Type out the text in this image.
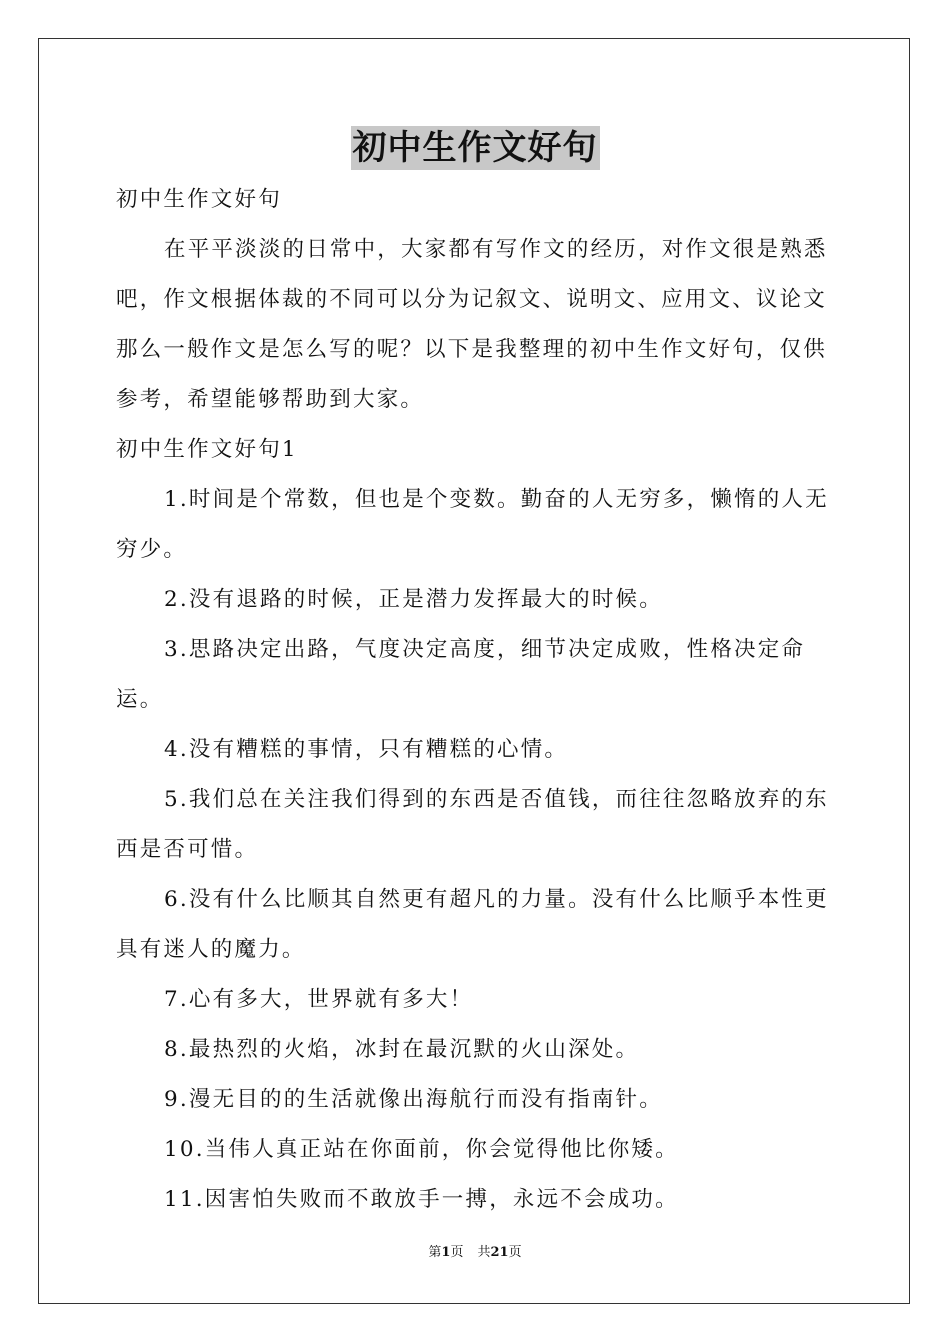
初中生作文好句

初中生作文好句

在平平淡淡的日常中，大家都有写作文的经历，对作文很是熟悉吧，作文根据体裁的不同可以分为记叙文、说明文、应用文、议论文那么一般作文是怎么写的呢？以下是我整理的初中生作文好句，仅供参考，希望能够帮助到大家。

初中生作文好句1

1.时间是个常数，但也是个变数。勤奋的人无穷多，懒惰的人无穷少。

2.没有退路的时候，正是潜力发挥最大的时候。

3.思路决定出路，气度决定高度，细节决定成败，性格决定命运。

4.没有糟糕的事情，只有糟糕的心情。

5.我们总在关注我们得到的东西是否值钱，而往往忽略放弃的东西是否可惜。

6.没有什么比顺其自然更有超凡的力量。没有什么比顺乎本性更具有迷人的魔力。

7.心有多大，世界就有多大！

8.最热烈的火焰，冰封在最沉默的火山深处。

9.漫无目的的生活就像出海航行而没有指南针。

10.当伟人真正站在你面前，你会觉得他比你矮。

11.因害怕失败而不敢放手一搏，永远不会成功。

第1页 共21页
